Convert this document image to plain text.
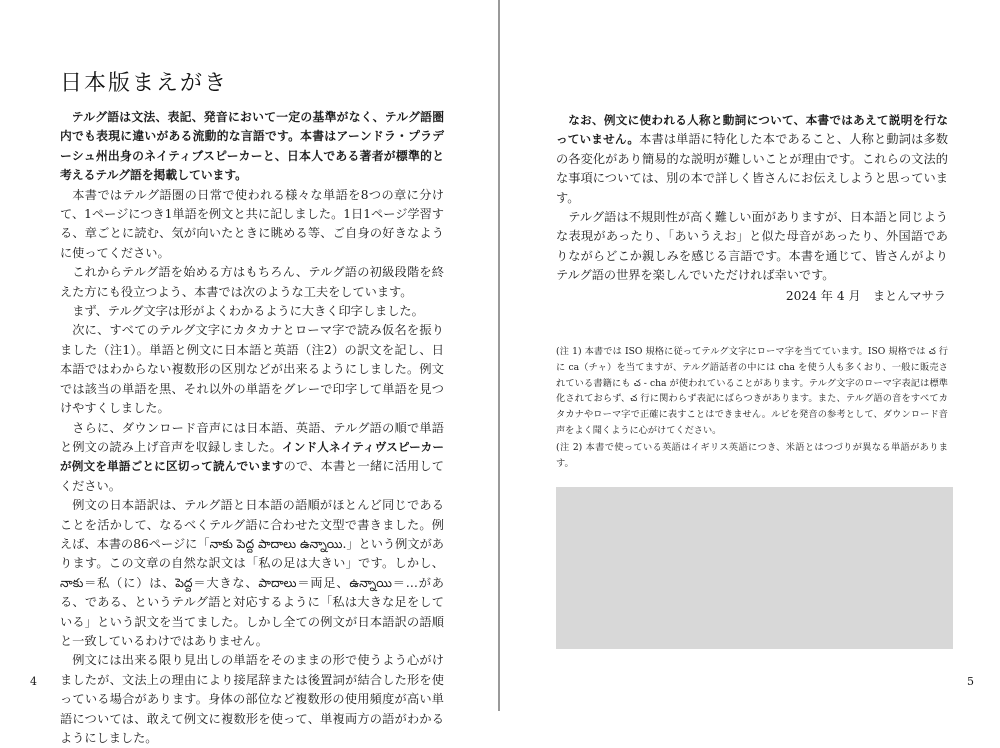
日本版まえがき

テルグ語は文法、表記、発音において一定の基準がなく、テルグ語圏内でも表現に違いがある流動的な言語です。本書はアーンドラ・プラデーシュ州出身のネイティブスピーカーと、日本人である著者が標準的と考えるテルグ語を掲載しています。

本書ではテルグ語圏の日常で使われる様々な単語を8つの章に分けて、1ページにつき1単語を例文と共に記しました。1日1ページ学習する、章ごとに読む、気が向いたときに眺める等、ご自身の好きなように使ってください。

これからテルグ語を始める方はもちろん、テルグ語の初級段階を終えた方にも役立つよう、本書では次のような工夫をしています。

まず、テルグ文字は形がよくわかるように大きく印字しました。

次に、すべてのテルグ文字にカタカナとローマ字で読み仮名を振りました（注1）。単語と例文に日本語と英語（注2）の訳文を記し、日本語ではわからない複数形の区別などが出来るようにしました。例文では該当の単語を黒、それ以外の単語をグレーで印字して単語を見つけやすくしました。

さらに、ダウンロード音声には日本語、英語、テルグ語の順で単語と例文の読み上げ音声を収録しました。インド人ネイティヴスピーカーが例文を単語ごとに区切って読んでいますので、本書と一緒に活用してください。

例文の日本語訳は、テルグ語と日本語の語順がほとんど同じであることを活かして、なるべくテルグ語に合わせた文型で書きました。例えば、本書の86ページに「నాకు పెద్ద పాదాలు ఉన్నాయి.」という例文があります。この文章の自然な訳文は「私の足は大きい」です。しかし、నాకు＝私（に）は、పెద్ద＝大きな、పాదాలు＝両足、ఉన్నాయి＝…がある、である、というテルグ語と対応するように「私は大きな足をしている」という訳文を当てました。しかし全ての例文が日本語訳の語順と一致しているわけではありません。

例文には出来る限り見出しの単語をそのままの形で使うよう心がけましたが、文法上の理由により接尾辞または後置詞が結合した形を使っている場合があります。身体の部位など複数形の使用頻度が高い単語については、敢えて例文に複数形を使って、単複両方の語がわかるようにしました。

4

なお、例文に使われる人称と動詞について、本書ではあえて説明を行なっていません。本書は単語に特化した本であること、人称と動詞は多数の各変化があり簡易的な説明が難しいことが理由です。これらの文法的な事項については、別の本で詳しく皆さんにお伝えしようと思っています。

テルグ語は不規則性が高く難しい面がありますが、日本語と同じような表現があったり、「あいうえお」と似た母音があったり、外国語でありながらどこか親しみを感じる言語です。本書を通じて、皆さんがよりテルグ語の世界を楽しんでいただければ幸いです。

2024 年 4 月　まとんマサラ

(注 1) 本書では ISO 規格に従ってテルグ文字にローマ字を当てています。ISO 規格では చ 行に ca（チャ）を当てますが、テルグ語話者の中には cha を使う人も多くおり、一般に販売されている書籍にも చ - cha が使われていることがあります。テルグ文字のローマ字表記は標準化されておらず、చ 行に関わらず表記にばらつきがあります。また、テルグ語の音をすべてカタカナやローマ字で正確に表すことはできません。ルビを発音の参考として、ダウンロード音声をよく聞くように心がけてください。

(注 2) 本書で使っている英語はイギリス英語につき、米語とはつづりが異なる単語があります。

5
